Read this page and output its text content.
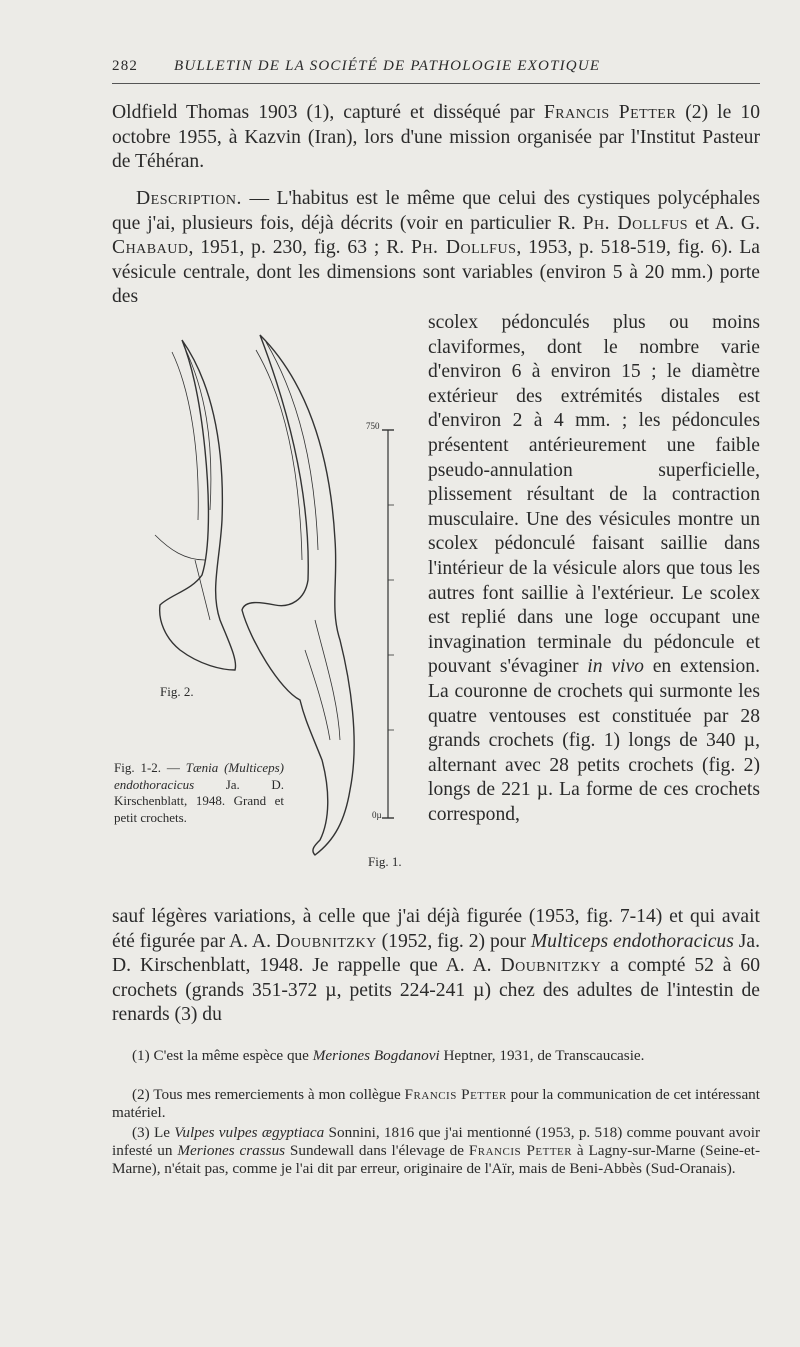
282 BULLETIN DE LA SOCIÉTÉ DE PATHOLOGIE EXOTIQUE
Oldfield Thomas 1903 (1), capturé et disséqué par Francis Petter (2) le 10 octobre 1955, à Kazvin (Iran), lors d'une mission organisée par l'Institut Pasteur de Téhéran.
Description. — L'habitus est le même que celui des cystiques polycéphales que j'ai, plusieurs fois, déjà décrits (voir en particulier R. Ph. Dollfus et A. G. Chabaud, 1951, p. 230, fig. 63 ; R. Ph. Dollfus, 1953, p. 518-519, fig. 6). La vésicule centrale, dont les dimensions sont variables (environ 5 à 20 mm.) porte des
scolex pédonculés plus ou moins claviformes, dont le nombre varie d'environ 6 à environ 15 ; le diamètre extérieur des extrémités distales est d'environ 2 à 4 mm. ; les pédoncules présentent antérieurement une faible pseudo-annulation superficielle, plissement résultant de la contraction musculaire. Une des vésicules montre un scolex pédonculé faisant saillie dans l'intérieur de la vésicule alors que tous les autres font saillie à l'extérieur. Le scolex est replié dans une loge occupant une invagination terminale du pédoncule et pouvant s'évaginer in vivo en extension. La couronne de crochets qui surmonte les quatre ventouses est constituée par 28 grands crochets (fig. 1) longs de 340 µ, alternant avec 28 petits crochets (fig. 2) longs de 221 µ. La forme de ces crochets correspond,
750
0µ
Fig. 2.
Fig. 1.
Fig. 1-2. — Tænia (Multiceps) endothoracicus Ja. D. Kirschenblatt, 1948. Grand et petit crochets.
sauf légères variations, à celle que j'ai déjà figurée (1953, fig. 7-14) et qui avait été figurée par A. A. Doubnitzky (1952, fig. 2) pour Multiceps endothoracicus Ja. D. Kirschenblatt, 1948. Je rappelle que A. A. Doubnitzky a compté 52 à 60 crochets (grands 351-372 µ, petits 224-241 µ) chez des adultes de l'intestin de renards (3) du
(1) C'est la même espèce que Meriones Bogdanovi Heptner, 1931, de Transcaucasie.
(2) Tous mes remerciements à mon collègue Francis Petter pour la communication de cet intéressant matériel.
(3) Le Vulpes vulpes ægyptiaca Sonnini, 1816 que j'ai mentionné (1953, p. 518) comme pouvant avoir infesté un Meriones crassus Sundewall dans l'élevage de Francis Petter à Lagny-sur-Marne (Seine-et-Marne), n'était pas, comme je l'ai dit par erreur, originaire de l'Aïr, mais de Beni-Abbès (Sud-Oranais).
